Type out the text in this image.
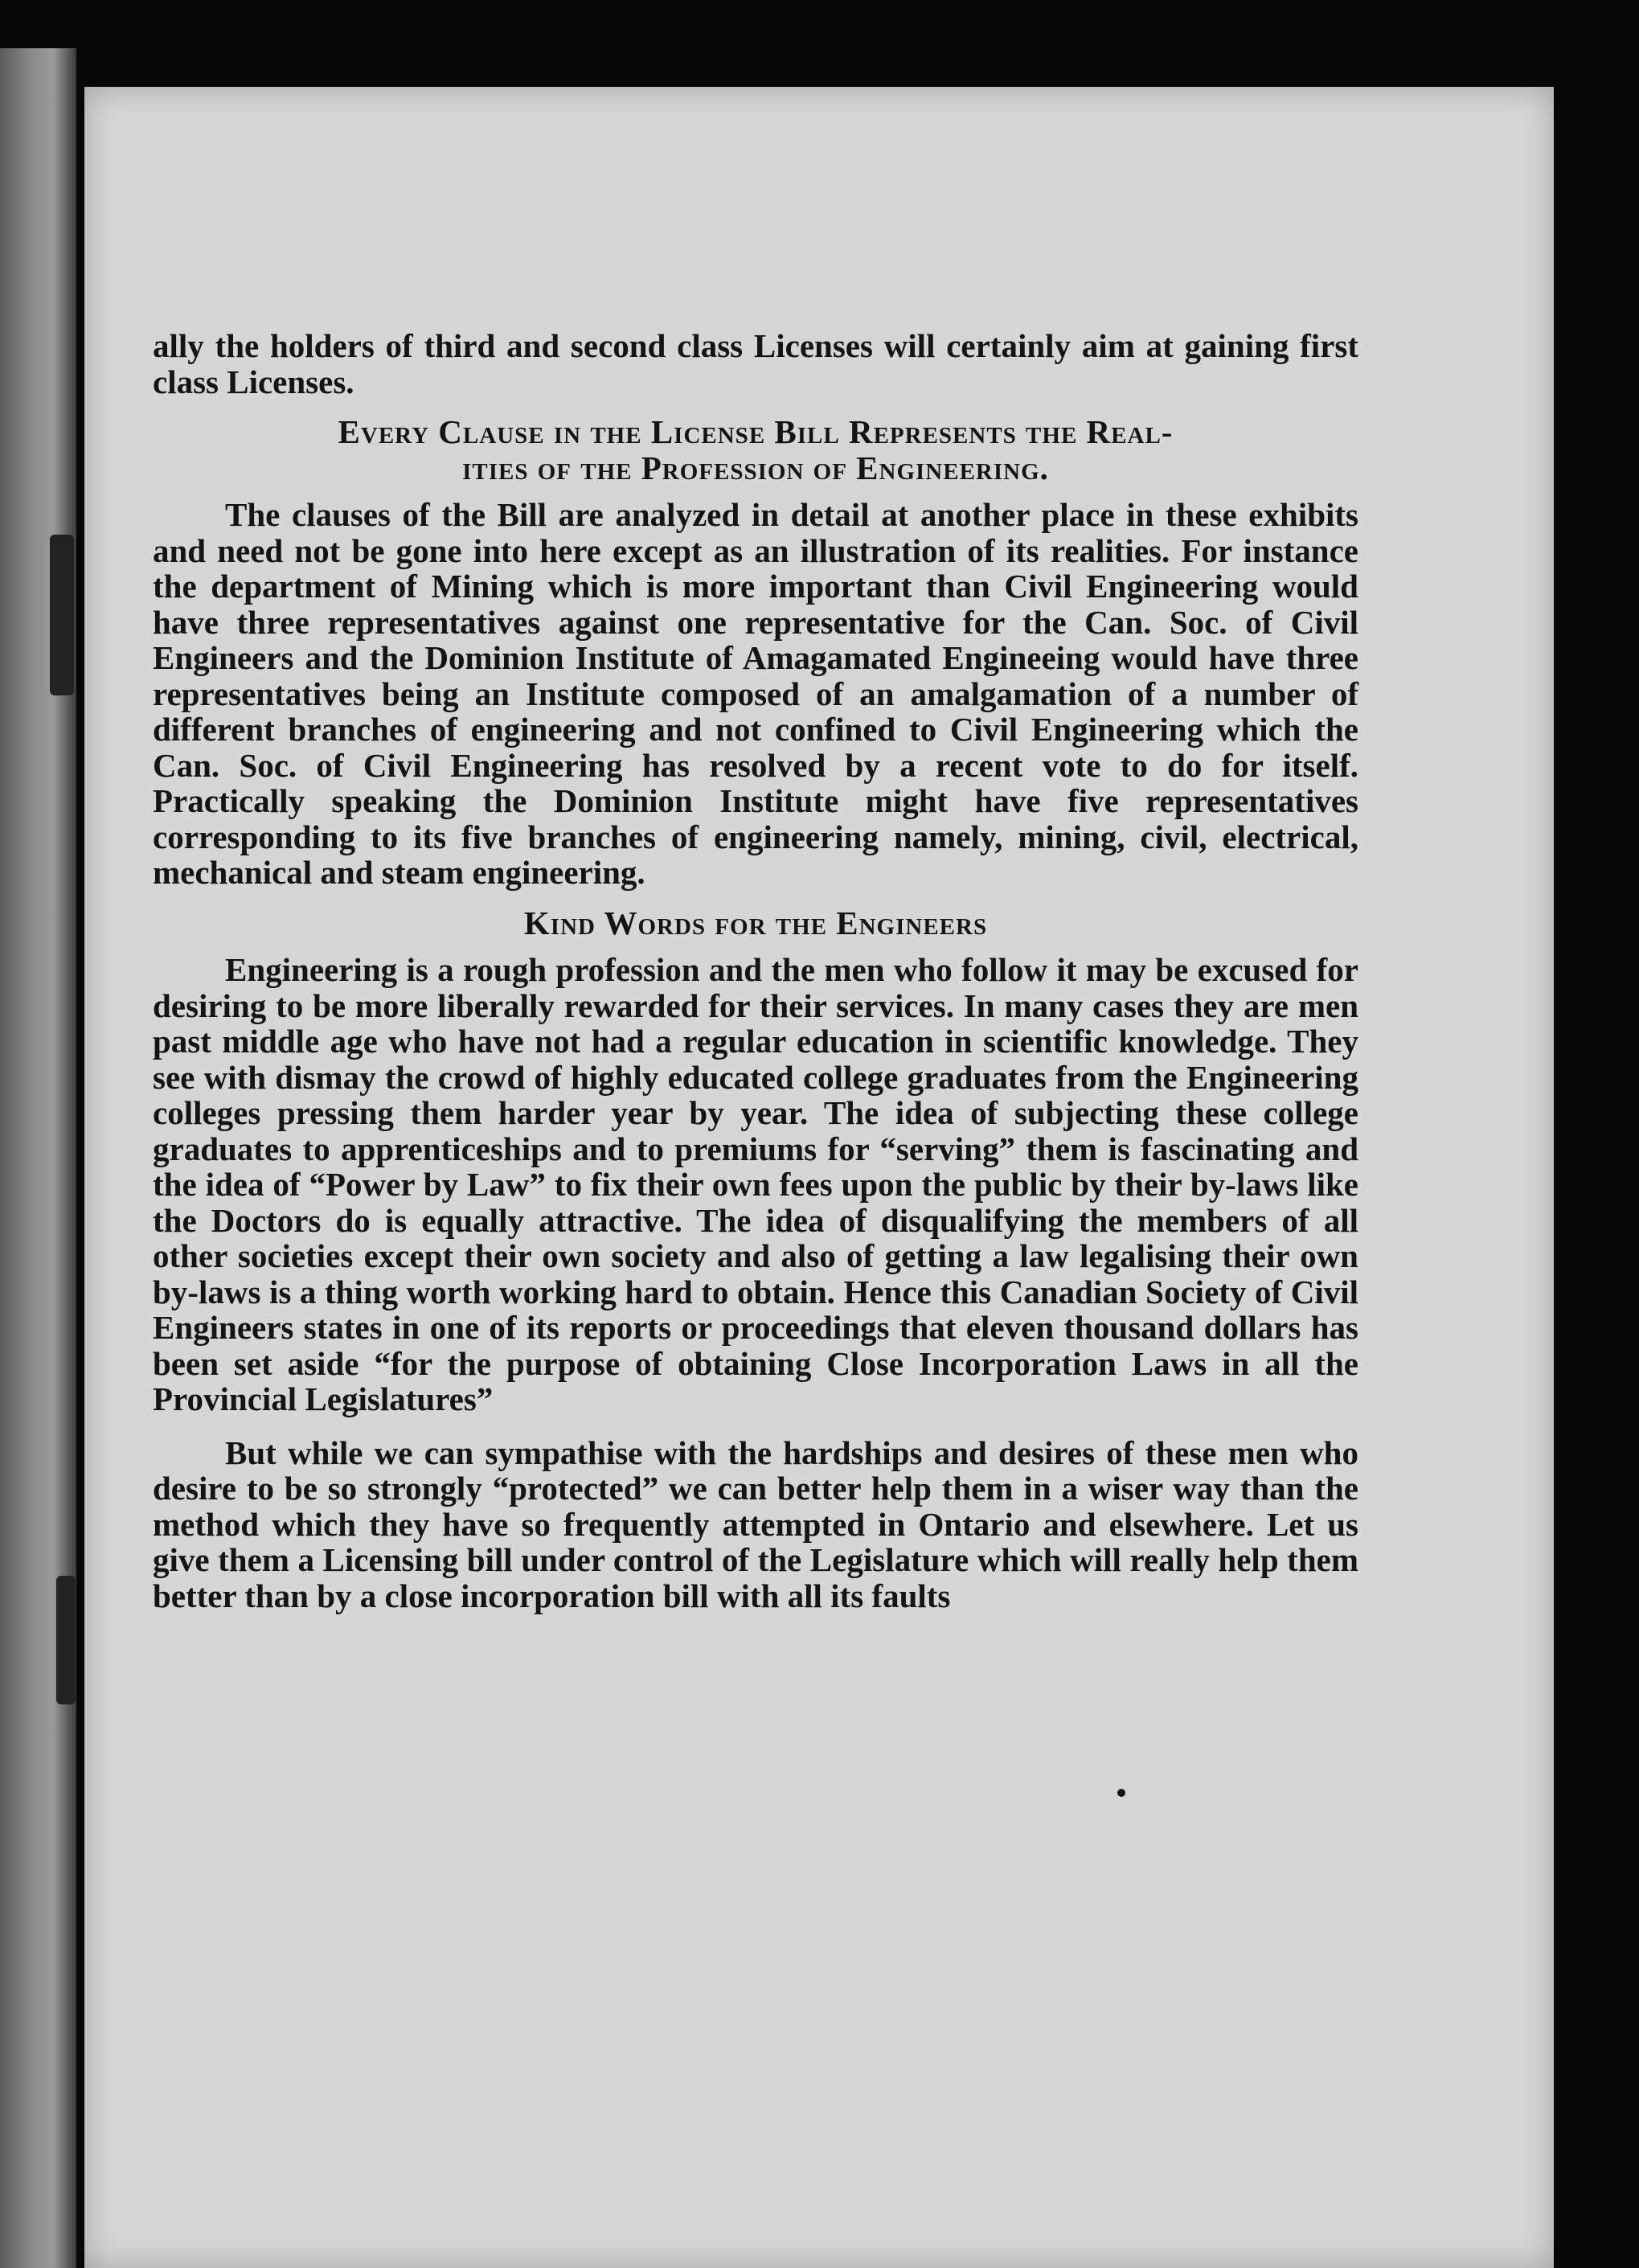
ally the holders of third and second class Licenses will certainly aim at gaining first class Licenses.

Every Clause in the License Bill Represents the Real-
ities of the Profession of Engineering.

The clauses of the Bill are analyzed in detail at another place in these exhibits and need not be gone into here except as an illustration of its realities. For instance the department of Mining which is more important than Civil Engineering would have three representatives against one representative for the Can. Soc. of Civil Engineers and the Dominion Institute of Amagamated Engineeing would have three representatives being an Institute composed of an amalgamation of a number of different branches of engineering and not confined to Civil Engineering which the Can. Soc. of Civil Engineering has resolved by a recent vote to do for itself. Practically speaking the Dominion Institute might have five representatives corresponding to its five branches of engineering namely, mining, civil, electrical, mechanical and steam engineering.

Kind Words for the Engineers

Engineering is a rough profession and the men who follow it may be excused for desiring to be more liberally rewarded for their services. In many cases they are men past middle age who have not had a regular education in scientific knowledge. They see with dismay the crowd of highly educated college graduates from the Engineering colleges pressing them harder year by year. The idea of subjecting these college graduates to apprenticeships and to premiums for “serving” them is fascinating and the idea of “Power by Law” to fix their own fees upon the public by their by-laws like the Doctors do is equally attractive. The idea of disqualifying the members of all other societies except their own society and also of getting a law legalising their own by-laws is a thing worth working hard to obtain. Hence this Canadian Society of Civil Engineers states in one of its reports or proceedings that eleven thousand dollars has been set aside “for the purpose of obtaining Close Incorporation Laws in all the Provincial Legislatures”

But while we can sympathise with the hardships and desires of these men who desire to be so strongly “protected” we can better help them in a wiser way than the method which they have so frequently attempted in Ontario and elsewhere. Let us give them a Licensing bill under control of the Legislature which will really help them better than by a close incorporation bill with all its faults
